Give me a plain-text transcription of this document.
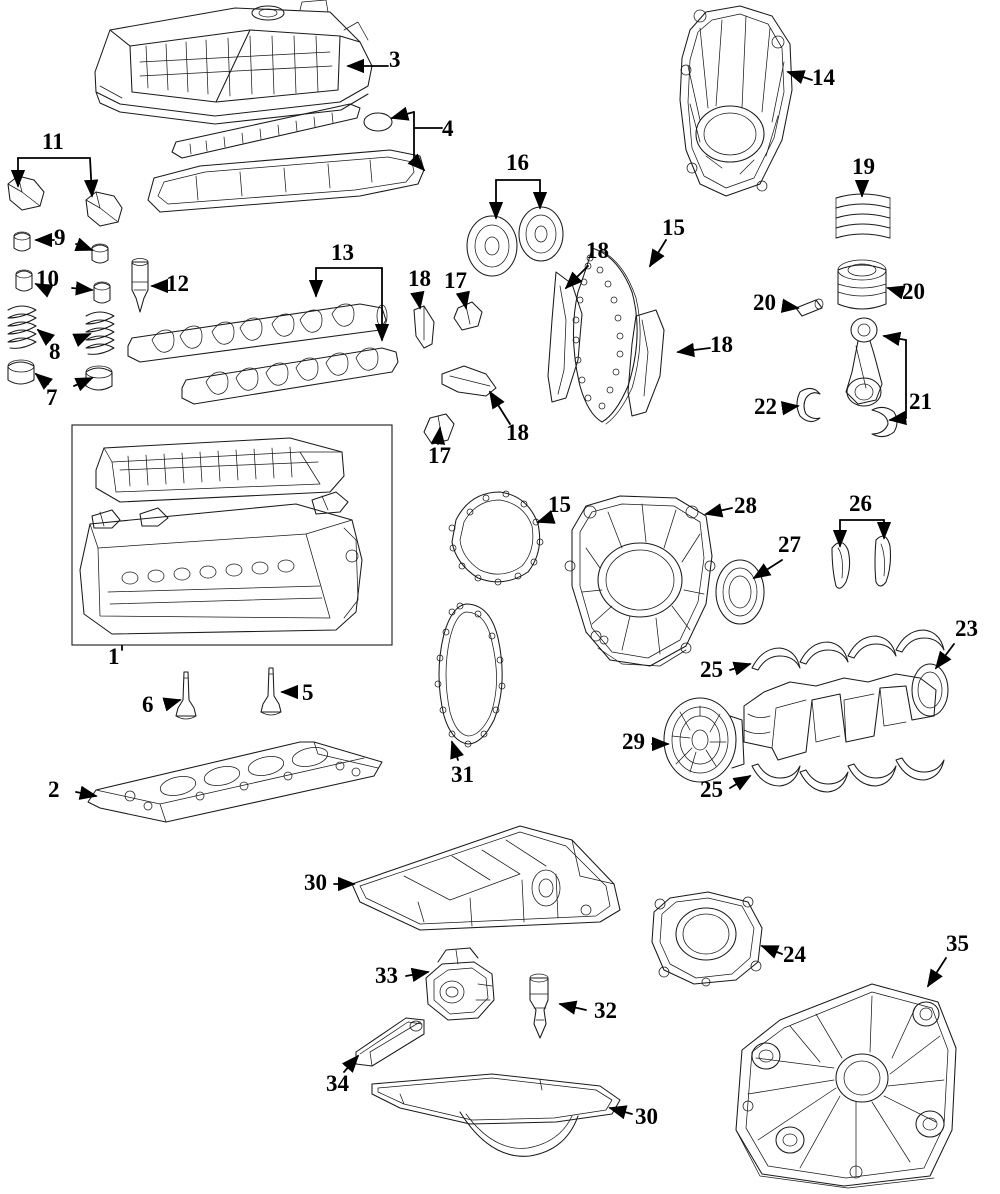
1
2
3
4
5
6
7
8
9
10
11
12
13
14
15
16
17
18
19
20
21
22
23
24
25
26
27
28
29
30
31
32
33
34
35
15
17
18
18
18
20
25
30
